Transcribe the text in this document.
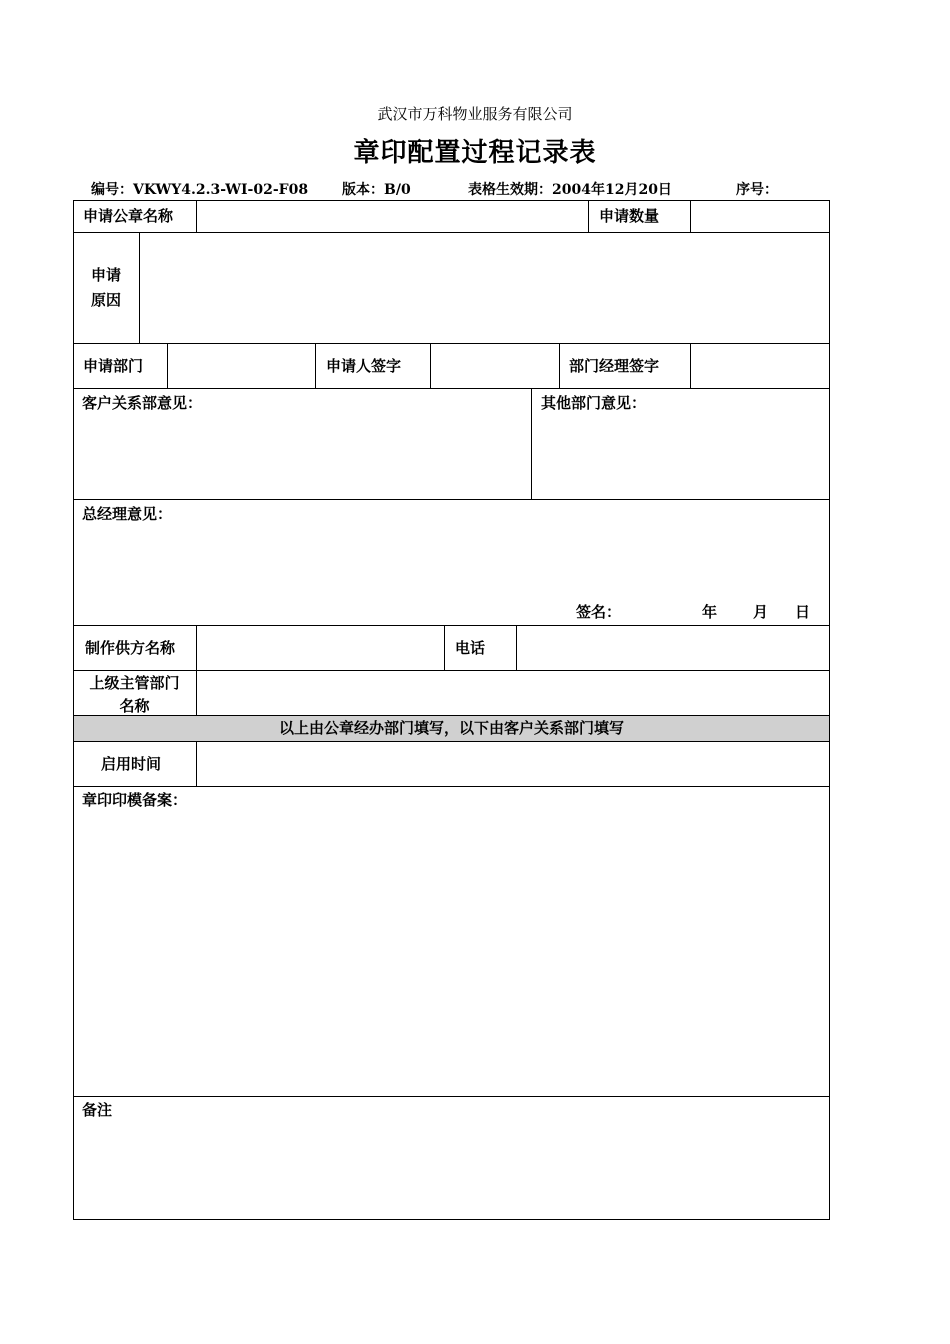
武汉市万科物业服务有限公司
章印配置过程记录表
编号：VKWY4.2.3-WI-02-F08 版本：B/0	表格生效期：2004年12月20日	序号：
申请公章名称	申请数量
申请
原因
申请部门	申请人签字	部门经理签字
客户关系部意见：	其他部门意见：
总经理意见：
签名：	年 月 日
制作供方名称	电话
上级主管部门
名称
以上由公章经办部门填写，以下由客户关系部门填写
启用时间
章印印模备案：
备注
